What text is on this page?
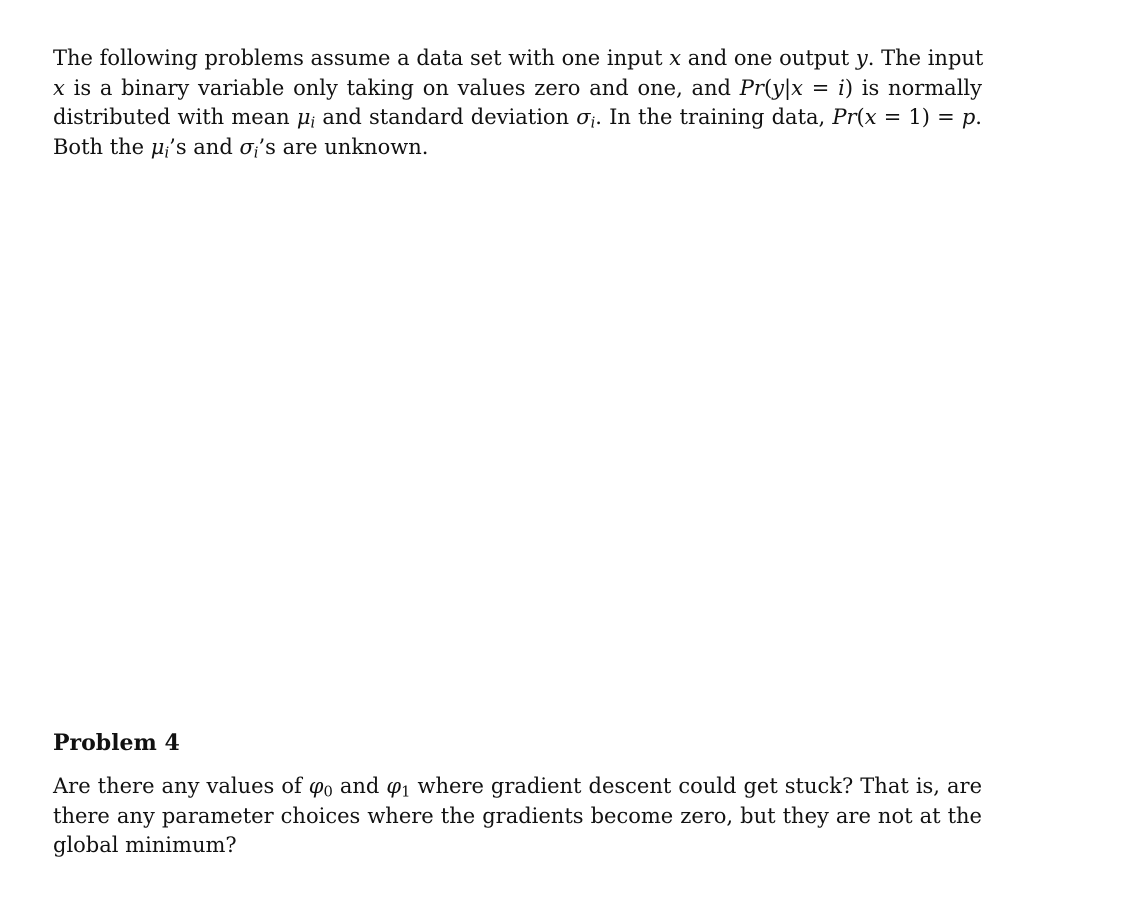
The following problems assume a data set with one input x and one output y. The input
x is a binary variable only taking on values zero and one, and Pr(y|x = i) is normally
distributed with mean $\mu_i$ and standard deviation $\sigma_i$. In the training data, Pr(x = 1) = p.
Both the $\mu_i’s$ and $\sigma_i’s$ are unknown.
Problem 4
Are there any values of $\varphi_0$ and $\varphi_1$ where gradient descent could get stuck? That is, are
there any parameter choices where the gradients become zero, but they are not at the
global minimum?
